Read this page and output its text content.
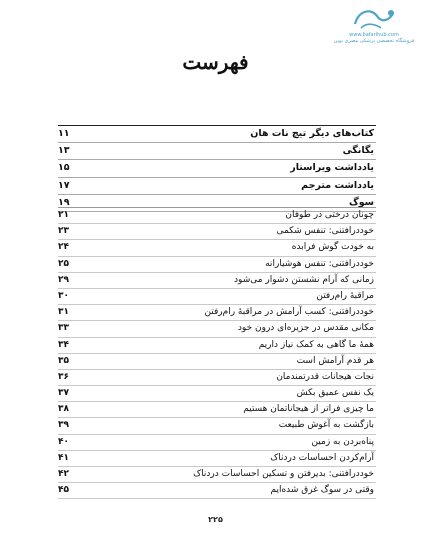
www.bafarihub.com
فروشگاه تخصصی پزشکی مصری نوین
فهرست
کتاب‌های دیگر تیچ نات هان
۱۱
یگانگی
۱۳
یادداشت ویراستار
۱۵
یادداشت مترجم
۱۷
سوگ
۱۹
چونان درختی در طوفان
۲۱
خوددرافتنی: تنفس شکمی
۲۳
به خودت گوش فرابده
۲۴
خوددرافتنی: تنفس هوشیارانه
۲۵
زمانی که آرام نشستن دشوار می‌شود
۲۹
مراقبهٔ رام‌رفتن
۳۰
خوددرافتنی: کسب آرامش در مراقبهٔ رام‌رفتن
۳۱
مکانی مقدس در جزیره‌ای درون خود
۳۳
همهٔ ما گاهی به کمک نیاز داریم
۳۴
هر قدم آرامش است
۳۵
نجات هیجانات قدرتمندمان
۳۶
یک نفس عمیق بکش
۳۷
ما چیزی فراتر از هیجاناتمان هستیم
۳۸
بازگشت به آغوش طبیعت
۳۹
پناه‌بردن به زمین
۴۰
آرام‌کردن احساسات دردناک
۴۱
خوددرافتنی: بدیرفتن و تسکین احساسات دردناک
۴۲
وقتی در سوگ غرق شده‌ایم
۴۵
۲۲۵
